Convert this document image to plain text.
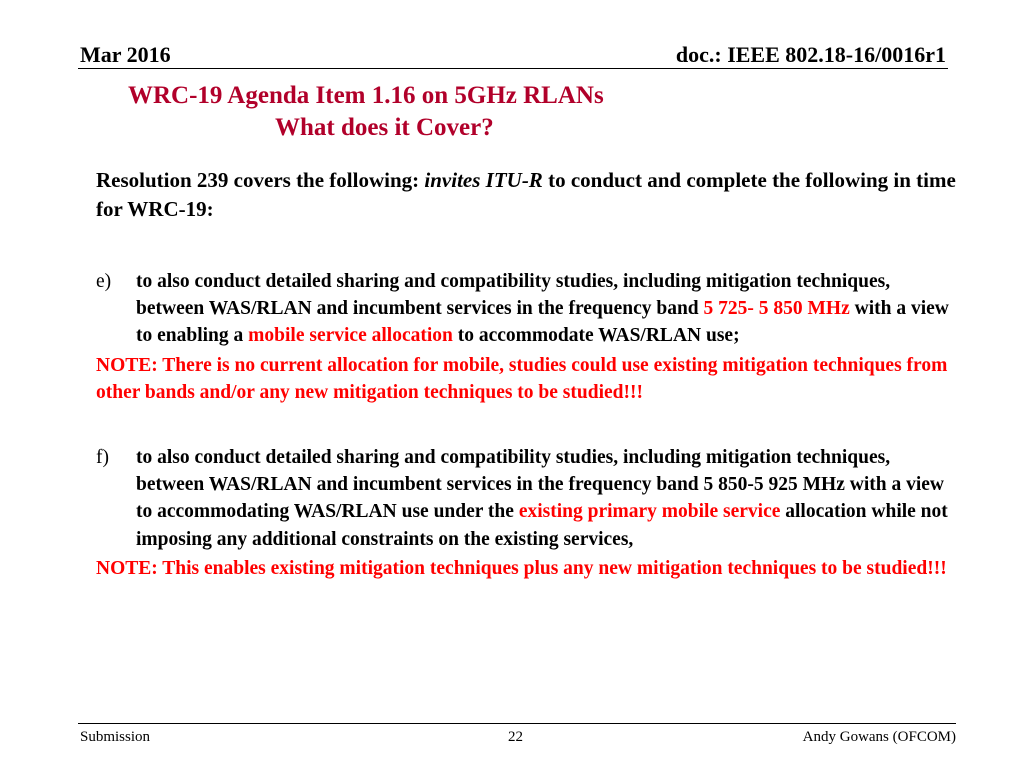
Mar 2016	doc.: IEEE 802.18-16/0016r1
WRC-19 Agenda Item 1.16 on 5GHz RLANs
What does it Cover?

Resolution 239 covers the following: invites ITU-R to conduct and complete the following in time for WRC-19:

e) to also conduct detailed sharing and compatibility studies, including mitigation techniques, between WAS/RLAN and incumbent services in the frequency band 5 725- 5 850 MHz with a view to enabling a mobile service allocation to accommodate WAS/RLAN use;

NOTE: There is no current allocation for mobile, studies could use existing mitigation techniques from other bands and/or any new mitigation techniques to be studied!!!

f) to also conduct detailed sharing and compatibility studies, including mitigation techniques, between WAS/RLAN and incumbent services in the frequency band 5 850-5 925 MHz with a view to accommodating WAS/RLAN use under the existing primary mobile service allocation while not imposing any additional constraints on the existing services,

NOTE: This enables existing mitigation techniques plus any new mitigation techniques to be studied!!!

Submission	22	Andy Gowans (OFCOM)
